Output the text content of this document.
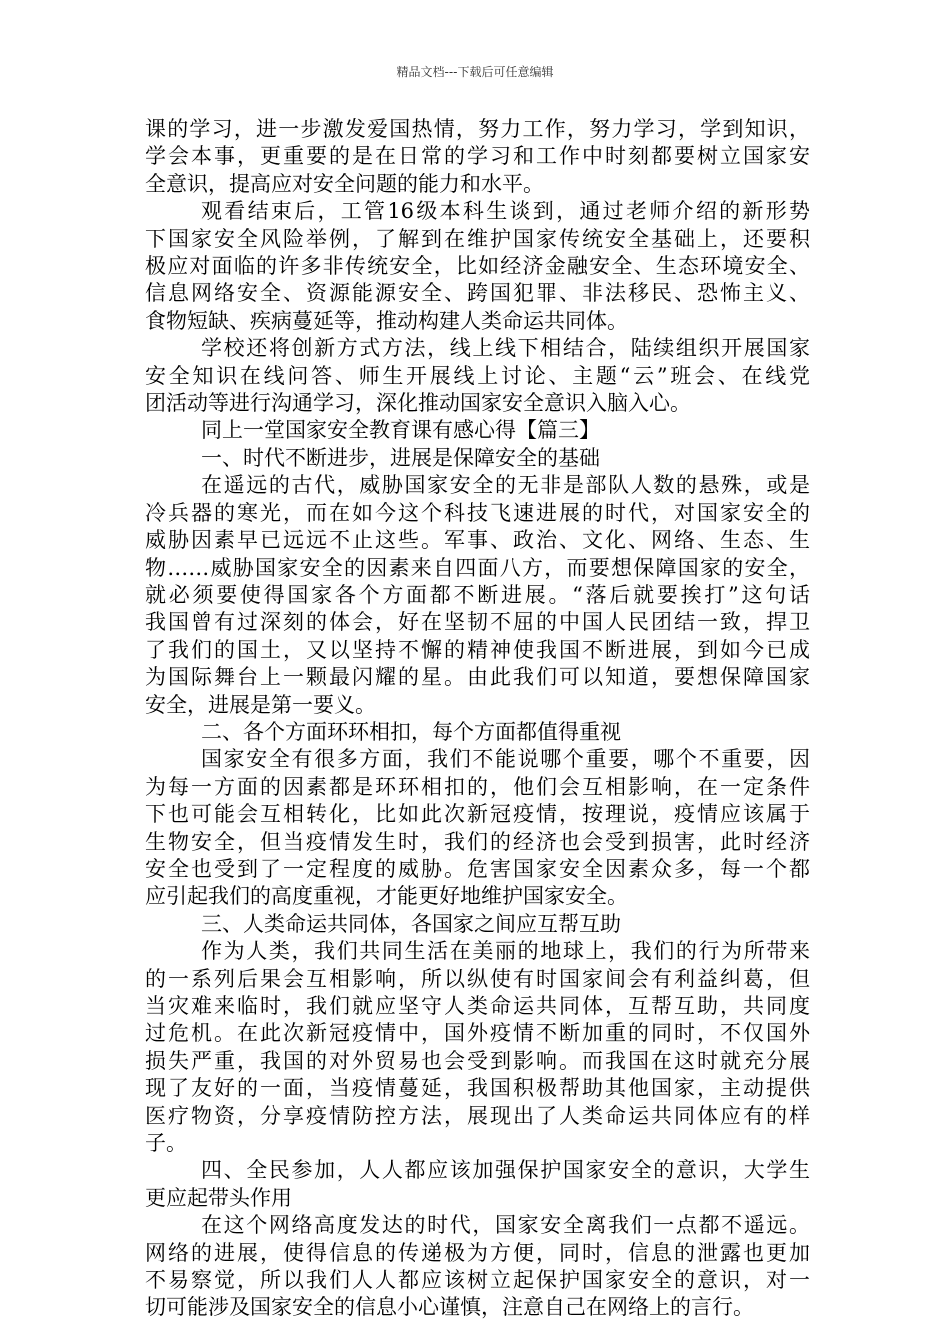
精品文档---下载后可任意编辑
课的学习，进一步激发爱国热情，努力工作，努力学习，学到知识，
学会本事，更重要的是在日常的学习和工作中时刻都要树立国家安
全意识，提高应对安全问题的能力和水平。
观看结束后，工管16级本科生谈到，通过老师介绍的新形势
下国家安全风险举例，了解到在维护国家传统安全基础上，还要积
极应对面临的许多非传统安全，比如经济金融安全、生态环境安全、
信息网络安全、资源能源安全、跨国犯罪、非法移民、恐怖主义、
食物短缺、疾病蔓延等，推动构建人类命运共同体。
学校还将创新方式方法，线上线下相结合，陆续组织开展国家
安全知识在线问答、师生开展线上讨论、主题“云”班会、在线党
团活动等进行沟通学习，深化推动国家安全意识入脑入心。
同上一堂国家安全教育课有感心得【篇三】
一、时代不断进步，进展是保障安全的基础
在遥远的古代，威胁国家安全的无非是部队人数的悬殊，或是
冷兵器的寒光，而在如今这个科技飞速进展的时代，对国家安全的
威胁因素早已远远不止这些。军事、政治、文化、网络、生态、生
物……威胁国家安全的因素来自四面八方，而要想保障国家的安全，
就必须要使得国家各个方面都不断进展。“落后就要挨打”这句话
我国曾有过深刻的体会，好在坚韧不屈的中国人民团结一致，捍卫
了我们的国土，又以坚持不懈的精神使我国不断进展，到如今已成
为国际舞台上一颗最闪耀的星。由此我们可以知道，要想保障国家
安全，进展是第一要义。
二、各个方面环环相扣，每个方面都值得重视
国家安全有很多方面，我们不能说哪个重要，哪个不重要，因
为每一方面的因素都是环环相扣的，他们会互相影响，在一定条件
下也可能会互相转化，比如此次新冠疫情，按理说，疫情应该属于
生物安全，但当疫情发生时，我们的经济也会受到损害，此时经济
安全也受到了一定程度的威胁。危害国家安全因素众多，每一个都
应引起我们的高度重视，才能更好地维护国家安全。
三、人类命运共同体，各国家之间应互帮互助
作为人类，我们共同生活在美丽的地球上，我们的行为所带来
的一系列后果会互相影响，所以纵使有时国家间会有利益纠葛，但
当灾难来临时，我们就应坚守人类命运共同体，互帮互助，共同度
过危机。在此次新冠疫情中，国外疫情不断加重的同时，不仅国外
损失严重，我国的对外贸易也会受到影响。而我国在这时就充分展
现了友好的一面，当疫情蔓延，我国积极帮助其他国家，主动提供
医疗物资，分享疫情防控方法，展现出了人类命运共同体应有的样
子。
四、全民参加，人人都应该加强保护国家安全的意识，大学生
更应起带头作用
在这个网络高度发达的时代，国家安全离我们一点都不遥远。
网络的进展，使得信息的传递极为方便，同时，信息的泄露也更加
不易察觉，所以我们人人都应该树立起保护国家安全的意识，对一
切可能涉及国家安全的信息小心谨慎，注意自己在网络上的言行。
